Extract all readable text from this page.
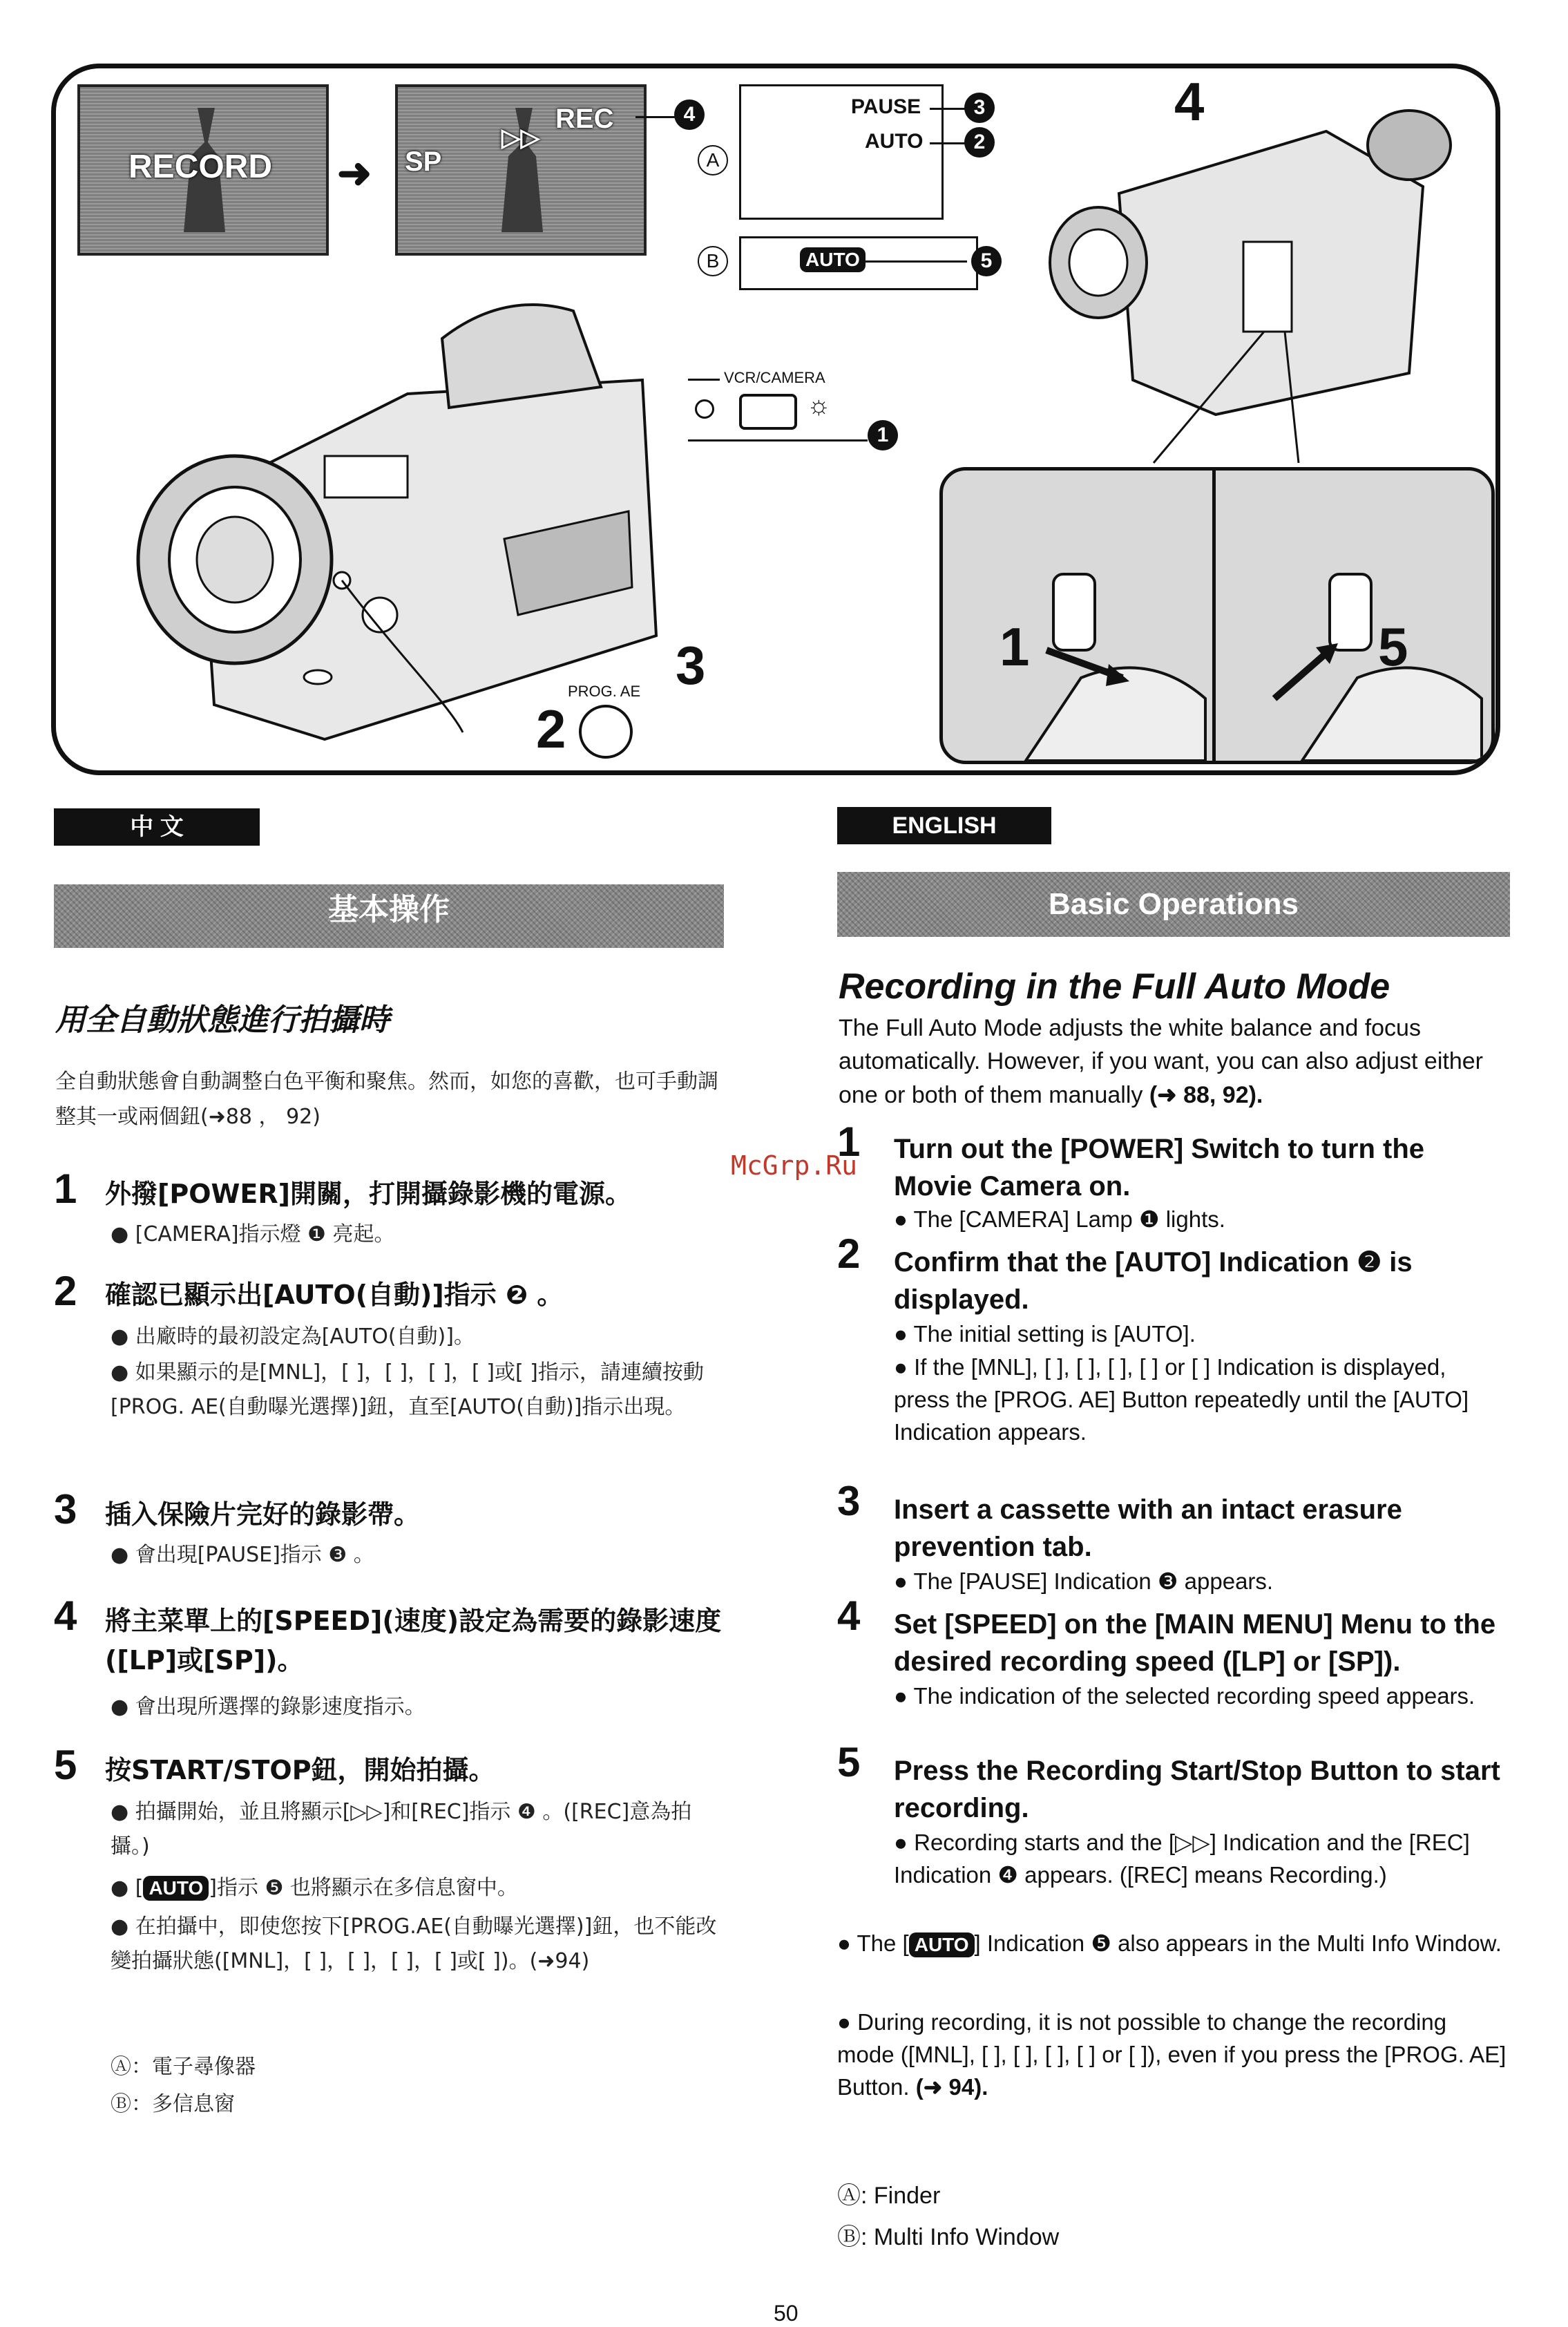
RECORD ➜ SP
▷▷
REC	4
A
PAUSE
AUTO
3
2
B	AUTO	5
PROG. AE
2
3
VCR/CAMERA
☼
1
4
1	5
中 文
基本操作
用全自動狀態進行拍攝時
全自動狀態會自動調整白色平衡和聚焦。然而，如您的喜歡，也可手動調整其一或兩個鈕(➜88 ， 92)
1 外撥[POWER]開關，打開攝錄影機的電源。
● [CAMERA]指示燈 ❶ 亮起。
2 確認已顯示出[AUTO(自動)]指示 ❷ 。
● 出廠時的最初設定為[AUTO(自動)]。
● 如果顯示的是[MNL]，[ ]，[ ]，[ ]，[ ]或[ ]指示，請連續按動[PROG. AE(自動曝光選擇)]鈕，直至[AUTO(自動)]指示出現。
3 插入保險片完好的錄影帶。
● 會出現[PAUSE]指示 ❸ 。
4 將主菜單上的[SPEED](速度)設定為需要的錄影速度([LP]或[SP])。
● 會出現所選擇的錄影速度指示。
5 按START/STOP鈕，開始拍攝。
● 拍攝開始，並且將顯示[▷▷]和[REC]指示 ❹ 。([REC]意為拍攝。)
● [ AUTO ]指示 ❺ 也將顯示在多信息窗中。
● 在拍攝中，即使您按下[PROG.AE(自動曝光選擇)]鈕，也不能改變拍攝狀態([MNL]，[ ]，[ ]，[ ]，[ ]或[ ])。(➜94)
Ⓐ：電子尋像器
Ⓑ：多信息窗
McGrp.Ru
ENGLISH
Basic Operations
Recording in the Full Auto Mode
The Full Auto Mode adjusts the white balance and focus automatically. However, if you want, you can also adjust either one or both of them manually (➜ 88, 92).
1 Turn out the [POWER] Switch to turn the Movie Camera on.
● The [CAMERA] Lamp ❶ lights.
2 Confirm that the [AUTO] Indication ❷ is displayed.
● The initial setting is [AUTO].
● If the [MNL], [ ], [ ], [ ], [ ] or [ ] Indication is displayed, press the [PROG. AE] Button repeatedly until the [AUTO] Indication appears.
3 Insert a cassette with an intact erasure prevention tab.
● The [PAUSE] Indication ❸ appears.
4 Set [SPEED] on the [MAIN MENU] Menu to the desired recording speed ([LP] or [SP]).
● The indication of the selected recording speed appears.
5 Press the Recording Start/Stop Button to start recording.
● Recording starts and the [▷▷] Indication and the [REC] Indication ❹ appears. ([REC] means Recording.)
● The [ AUTO ] Indication ❺ also appears in the Multi Info Window.
● During recording, it is not possible to change the recording mode ([MNL], [ ], [ ], [ ], [ ] or [ ]), even if you press the [PROG. AE] Button. (➜ 94).
Ⓐ: Finder
Ⓑ: Multi Info Window
50
